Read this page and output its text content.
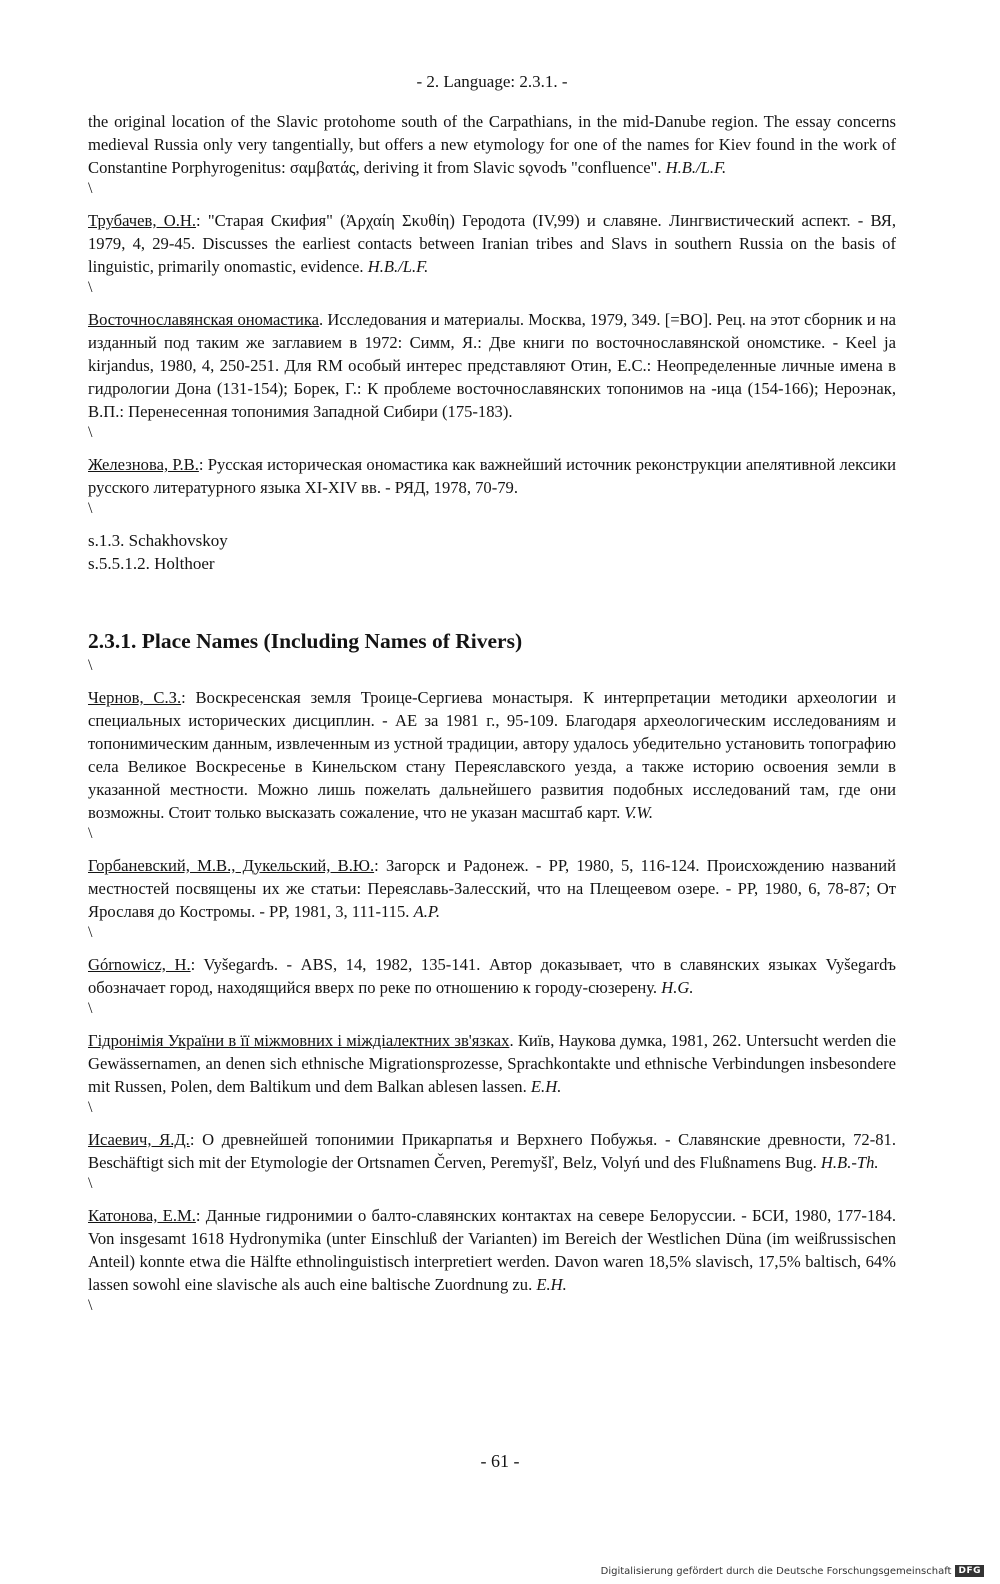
- 2. Language: 2.3.1. -

the original location of the Slavic protohome south of the Carpathians, in the mid-Danube region. The essay concerns medieval Russia only very tangentially, but offers a new etymology for one of the names for Kiev found in the work of Constantine Porphyrogenitus: σαμβατάς, deriving it from Slavic sǫvodъ "confluence". H.B./L.F.

\

Трубачев, О.Н.: "Старая Скифия" (Ἀρχαίη Σκυθίη) Геродота (IV,99) и славяне. Лингвистический аспект. - ВЯ, 1979, 4, 29-45. Discusses the earliest contacts between Iranian tribes and Slavs in southern Russia on the basis of linguistic, primarily onomastic, evidence. H.B./L.F.

\

Восточнославянская ономастика. Исследования и материалы. Москва, 1979, 349. [=ВО]. Рец. на этот сборник и на изданный под таким же заглавием в 1972: Симм, Я.: Две книги по восточнославянской ономстике. - Keel ja kirjandus, 1980, 4, 250-251. Для RM особый интерес представляют Отин, Е.С.: Неопределенные личные имена в гидрологии Дона (131-154); Борек, Г.: К проблеме восточнославянских топонимов на -ица (154-166); Нероэнак, В.П.: Перенесенная топонимия Западной Сибири (175-183).

\

Железнова, Р.В.: Русская историческая ономастика как важнейший источник реконструкции апелятивной лексики русского литературного языка XI-XIV вв. - РЯД, 1978, 70-79.

\

s.1.3. Schakhovskoy

s.5.5.1.2. Holthoer

2.3.1. Place Names (Including Names of Rivers)

\

Чернов, С.З.: Воскресенская земля Троице-Сергиева монастыря. К интерпретации методики археологии и специальных исторических дисциплин. - АЕ за 1981 г., 95-109. Благодаря археологическим исследованиям и топонимическим данным, извлеченным из устной традиции, автору удалось убедительно установить топографию села Великое Воскресенье в Кинельском стану Переяславского уезда, а также историю освоения земли в указанной местности. Можно лишь пожелать дальнейшего развития подобных исследований там, где они возможны. Стоит только высказать сожаление, что не указан масштаб карт. V.W.

\

Горбаневский, М.В., Дукельский, В.Ю.: Загорск и Радонеж. - РР, 1980, 5, 116-124. Происхождению названий местностей посвящены их же статьи: Переяславь-Залесский, что на Плещеевом озере. - РР, 1980, 6, 78-87; От Ярославя до Костромы. - РР, 1981, 3, 111-115. A.P.

\

Górnowicz, H.: Vyšegardъ. - ABS, 14, 1982, 135-141. Автор доказывает, что в славянских языках Vyšegardъ обозначает город, находящийся вверх по реке по отношению к городу-сюзерену. H.G.

\

Гідронімія України в її міжмовних і міждіалектних зв'язках. Київ, Наукова думка, 1981, 262. Untersucht werden die Gewässernamen, an denen sich ethnische Migrationsprozesse, Sprachkontakte und ethnische Verbindungen insbesondere mit Russen, Polen, dem Baltikum und dem Balkan ablesen lassen. E.H.

\

Исаевич, Я.Д.: О древнейшей топонимии Прикарпатья и Верхнего Побужья. - Славянские древности, 72-81. Beschäftigt sich mit der Etymologie der Ortsnamen Červen, Peremyšľ, Belz, Volyń und des Flußnamens Bug. H.B.-Th.

\

Катонова, Е.М.: Данные гидронимии о балто-славянских контактах на севере Белоруссии. - БСИ, 1980, 177-184. Von insgesamt 1618 Hydronymika (unter Einschluß der Varianten) im Bereich der Westlichen Düna (im weißrussischen Anteil) konnte etwa die Hälfte ethnolinguistisch interpretiert werden. Davon waren 18,5% slavisch, 17,5% baltisch, 64% lassen sowohl eine slavische als auch eine baltische Zuordnung zu. E.H.

\

- 61 -
Digitalisierung gefördert durch die Deutsche Forschungsgemeinschaft DFG
